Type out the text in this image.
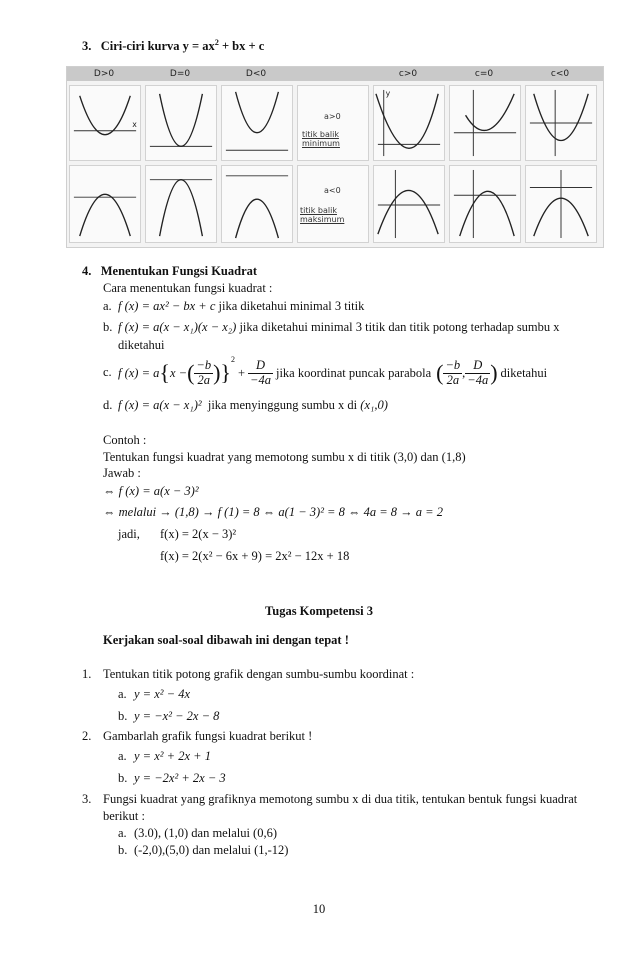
3. Ciri-ciri kurva $y = ax^2$ + bx + c
D>0	D=0	D<0	c>0	c=0	c<0
x
a>0
titik balik minimum
y
a<0
titik balik maksimum
4. Menentukan Fungsi Kuadrat
Cara menentukan fungsi kuadrat :
a. f (x) = ax² − bx + c jika diketahui minimal 3 titik
b. f (x) = a(x − x₁)(x − x₂) jika diketahui minimal 3 titik dan titik potong terhadap sumbu x
diketahui
c. f (x) = a { x − ( $\frac{-b}{2a}$ ) }
$^2$
+ $\frac{D}{-4a}$ jika koordinat puncak parabola ( $\frac{-b}{2a}$ , $\frac{D}{-4a}$ ) diketahui
d. f (x) = a(x − x₁)² jika menyinggung sumbu x di (x₁,0)
Contoh :
Tentukan fungsi kuadrat yang memotong sumbu x di titik (3,0) dan (1,8)
Jawab :
⇔ f (x) = a(x − 3)²
⇔ melalui → (1,8) → f (1) = 8 ⇔ a(1 − 3)² = 8 ⇔ 4a = 8 → a = 2
jadi, f(x) = 2(x − 3)²
f(x) = 2(x² − 6x + 9) = 2x² − 12x + 18
Tugas Kompetensi 3
Kerjakan soal-soal dibawah ini dengan tepat !
1. Tentukan titik potong grafik dengan sumbu-sumbu koordinat :
a. y = x² − 4x
b. y = −x² − 2x − 8
2. Gambarlah grafik fungsi kuadrat berikut !
a. y = x² + 2x + 1
b. y = −2x² + 2x − 3
3. Fungsi kuadrat yang grafiknya memotong sumbu x di dua titik, tentukan bentuk fungsi kuadrat
berikut :
a. (3.0), (1,0) dan melalui (0,6)
b. (-2,0),(5,0) dan melalui (1,-12)
10
